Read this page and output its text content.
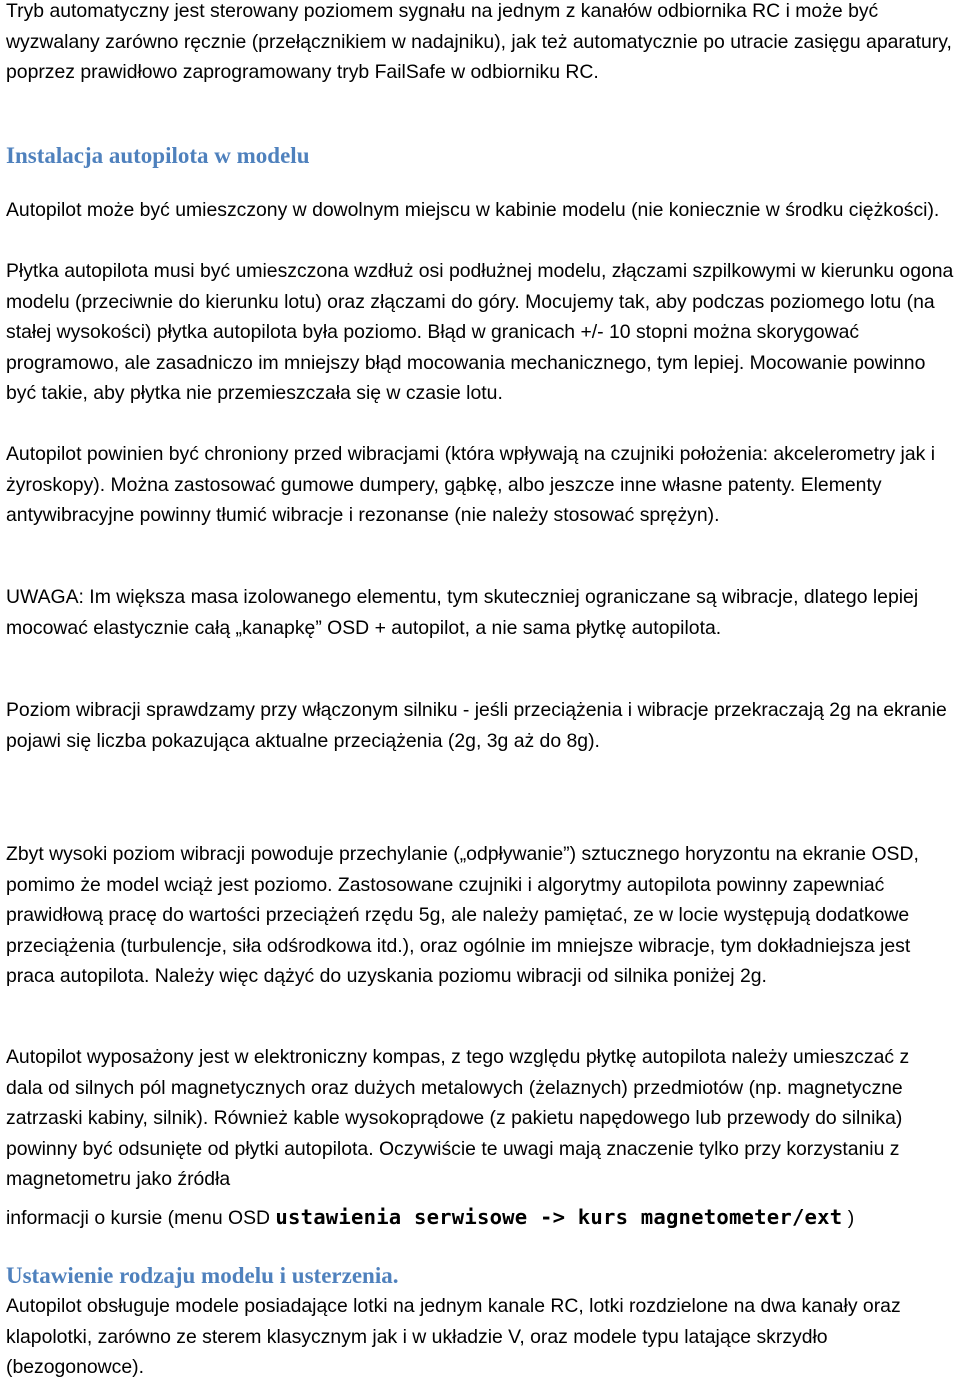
Tryb automatyczny jest sterowany poziomem sygnału na jednym z kanałów odbiornika RC i może być wyzwalany zarówno ręcznie (przełącznikiem w nadajniku), jak też automatycznie po utracie zasięgu aparatury, poprzez prawidłowo zaprogramowany tryb FailSafe w odbiorniku RC.

Instalacja autopilota w modelu

Autopilot może być umieszczony w dowolnym miejscu w kabinie modelu (nie koniecznie w środku ciężkości).

Płytka autopilota musi być umieszczona wzdłuż osi podłużnej modelu, złączami szpilkowymi w kierunku ogona modelu (przeciwnie do kierunku lotu) oraz złączami do góry. Mocujemy tak, aby podczas poziomego lotu (na stałej wysokości) płytka autopilota była poziomo. Błąd w granicach +/- 10 stopni można skorygować programowo, ale zasadniczo im mniejszy błąd mocowania mechanicznego, tym lepiej. Mocowanie powinno być takie, aby płytka nie przemieszczała się w czasie lotu.

Autopilot powinien być chroniony przed wibracjami (która wpływają na czujniki położenia: akcelerometry jak i żyroskopy). Można zastosować gumowe dumpery, gąbkę, albo jeszcze inne własne patenty. Elementy antywibracyjne powinny tłumić wibracje i rezonanse (nie należy stosować sprężyn).

UWAGA: Im większa masa izolowanego elementu, tym skuteczniej ograniczane są wibracje, dlatego lepiej mocować elastycznie całą „kanapkę” OSD + autopilot, a nie sama płytkę autopilota.

Poziom wibracji sprawdzamy przy włączonym silniku - jeśli przeciążenia i wibracje przekraczają 2g na ekranie pojawi się liczba pokazująca aktualne przeciążenia (2g, 3g aż do 8g).

Zbyt wysoki poziom wibracji powoduje przechylanie („odpływanie”) sztucznego horyzontu na ekranie OSD, pomimo że model wciąż jest poziomo. Zastosowane czujniki i algorytmy autopilota powinny zapewniać prawidłową pracę do wartości przeciążeń rzędu 5g, ale należy pamiętać, ze w locie występują dodatkowe przeciążenia (turbulencje, siła odśrodkowa itd.), oraz ogólnie im mniejsze wibracje, tym dokładniejsza jest praca autopilota. Należy więc dążyć do uzyskania poziomu wibracji od silnika poniżej 2g.

Autopilot wyposażony jest w elektroniczny kompas, z tego względu płytkę autopilota należy umieszczać z dala od silnych pól magnetycznych oraz dużych metalowych (żelaznych) przedmiotów (np. magnetyczne zatrzaski kabiny, silnik). Również kable wysokoprądowe (z pakietu napędowego lub przewody do silnika) powinny być odsunięte od płytki autopilota. Oczywiście te uwagi mają znaczenie tylko przy korzystaniu z magnetometru jako źródła

informacji o kursie (menu OSD ustawienia serwisowe -> kurs magnetometer/ext )

Ustawienie rodzaju modelu i usterzenia.

Autopilot obsługuje modele posiadające lotki na jednym kanale RC, lotki rozdzielone na dwa kanały oraz klapolotki, zarówno ze sterem klasycznym jak i w układzie V, oraz modele typu latające skrzydło (bezogonowce).
